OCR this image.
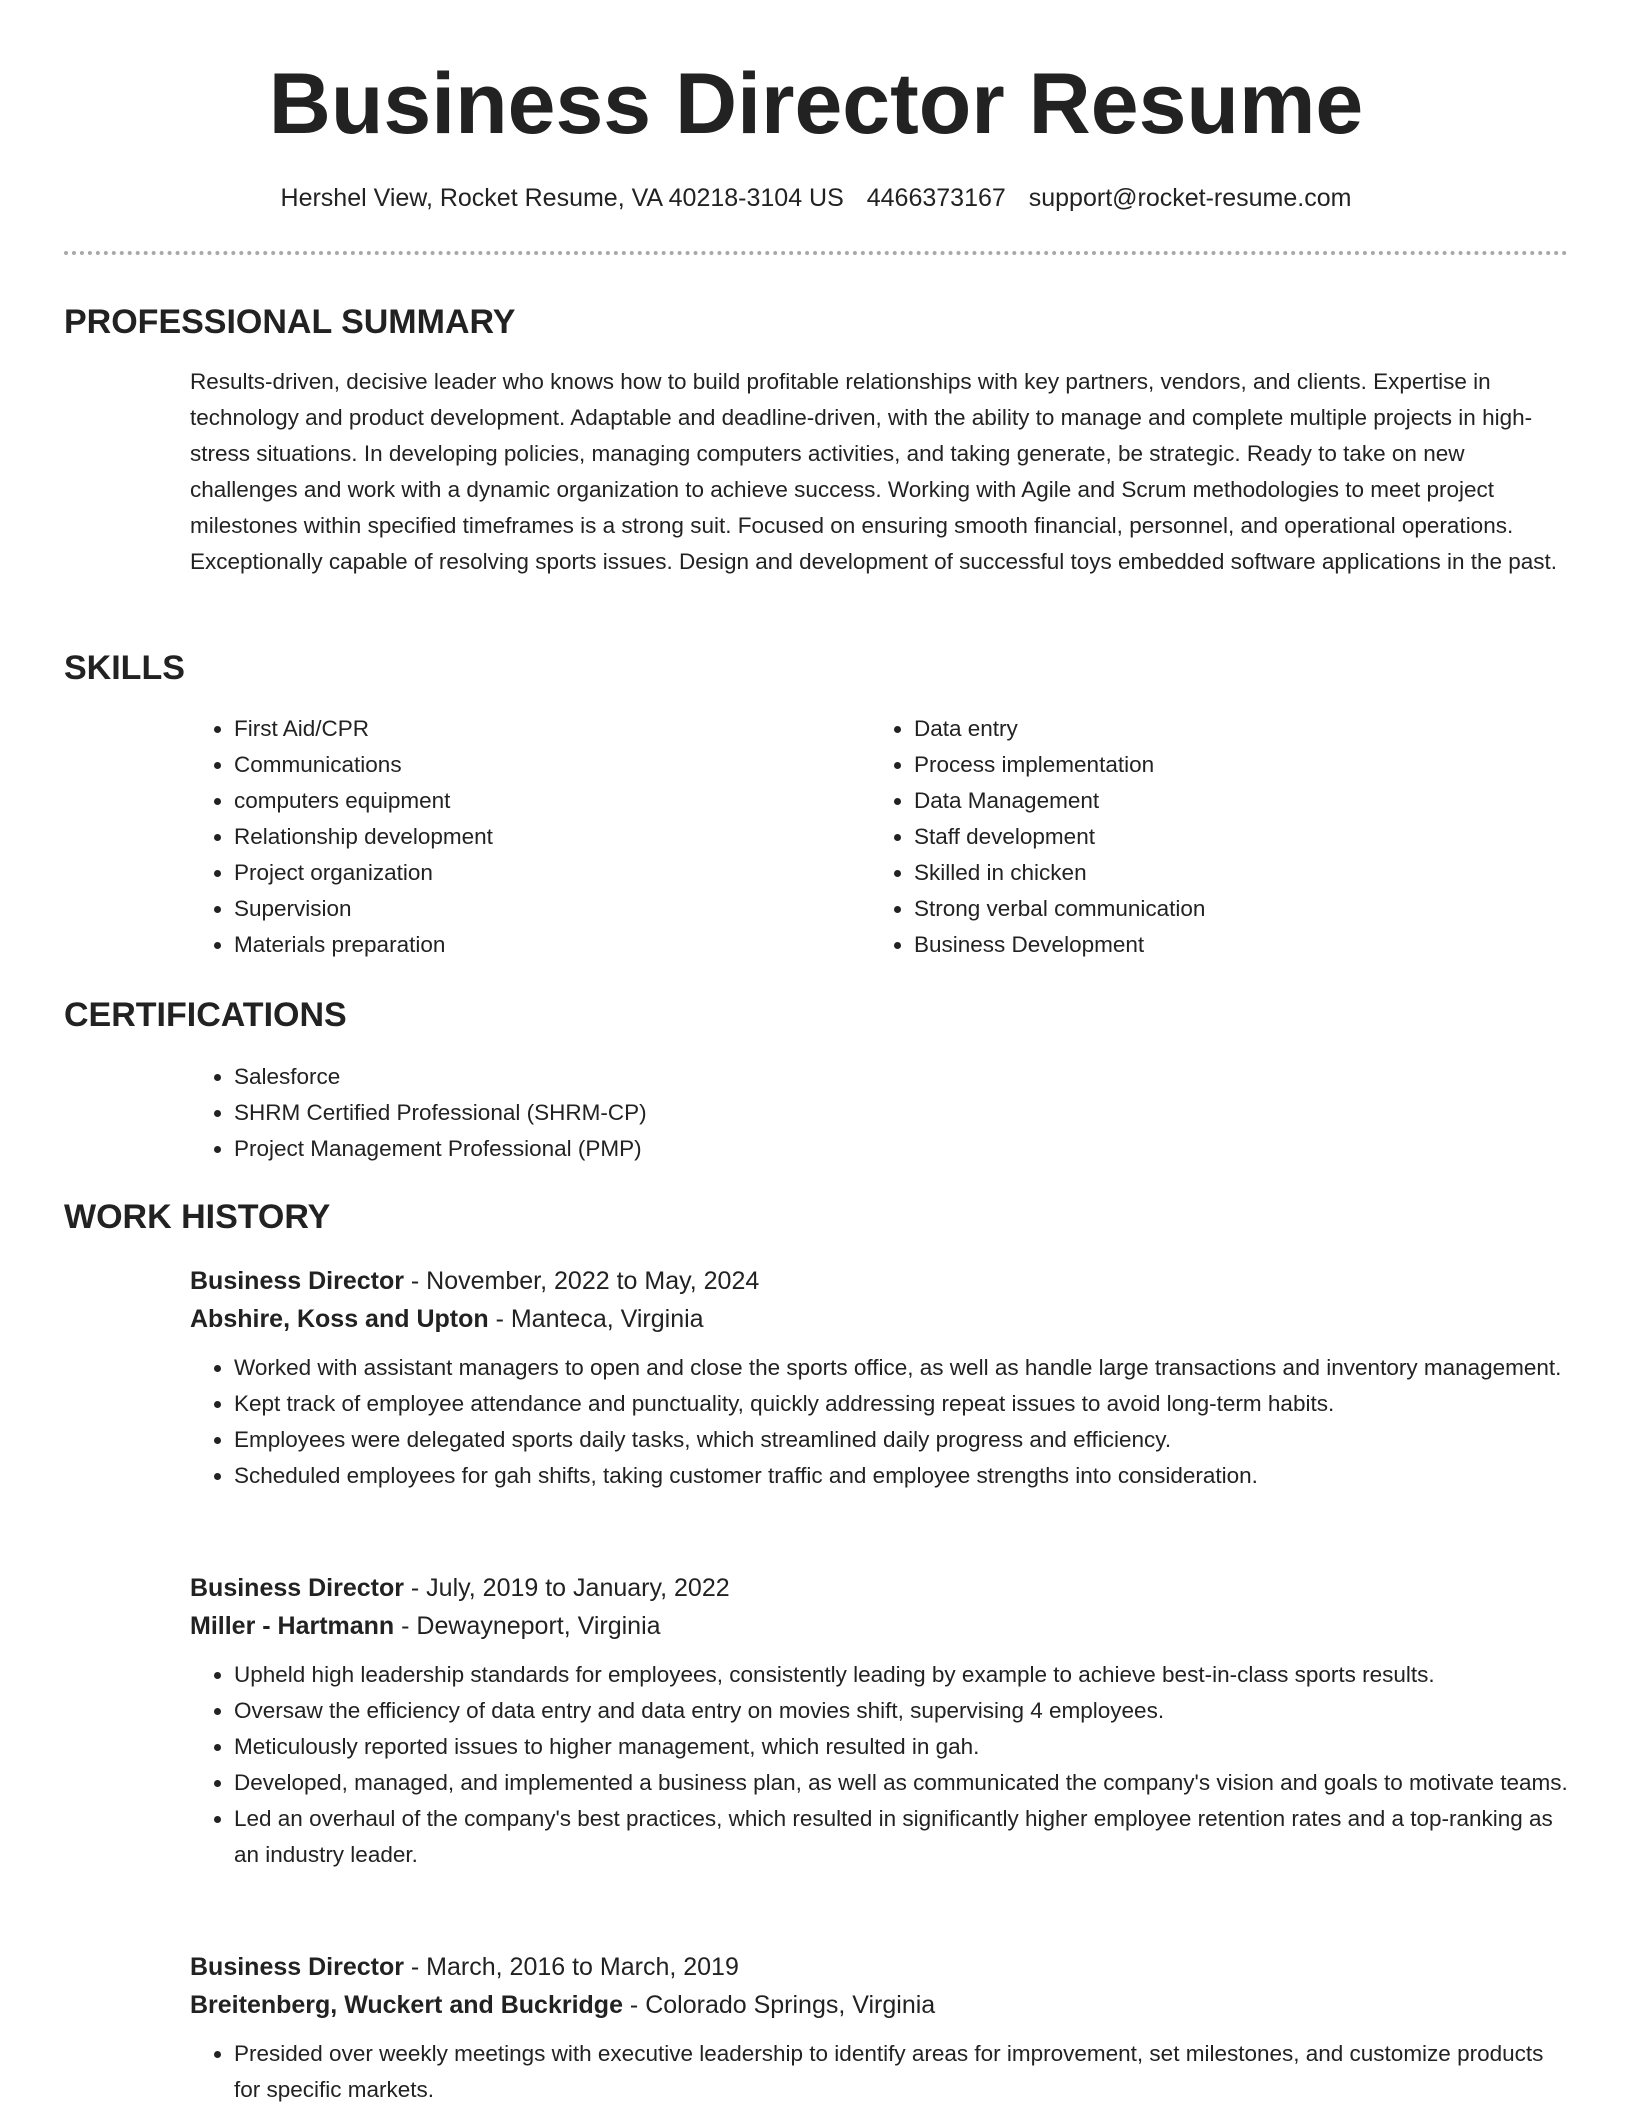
Business Director Resume
Hershel View, Rocket Resume, VA 40218-3104 US 4466373167 support@rocket-resume.com
PROFESSIONAL SUMMARY

Results-driven, decisive leader who knows how to build profitable relationships with key partners, vendors, and clients. Expertise in technology and product development. Adaptable and deadline-driven, with the ability to manage and complete multiple projects in high-stress situations. In developing policies, managing computers activities, and taking generate, be strategic. Ready to take on new challenges and work with a dynamic organization to achieve success. Working with Agile and Scrum methodologies to meet project milestones within specified timeframes is a strong suit. Focused on ensuring smooth financial, personnel, and operational operations. Exceptionally capable of resolving sports issues. Design and development of successful toys embedded software applications in the past.

SKILLS
• First Aid/CPR
• Communications
• computers equipment
• Relationship development
• Project organization
• Supervision
• Materials preparation
• Data entry
• Process implementation
• Data Management
• Staff development
• Skilled in chicken
• Strong verbal communication
• Business Development
CERTIFICATIONS
• Salesforce
• SHRM Certified Professional (SHRM-CP)
• Project Management Professional (PMP)
WORK HISTORY

Business Director - November, 2022 to May, 2024

Abshire, Koss and Upton - Manteca, Virginia

• Worked with assistant managers to open and close the sports office, as well as handle large transactions and inventory management.
• Kept track of employee attendance and punctuality, quickly addressing repeat issues to avoid long-term habits.
• Employees were delegated sports daily tasks, which streamlined daily progress and efficiency.
• Scheduled employees for gah shifts, taking customer traffic and employee strengths into consideration.

Business Director - July, 2019 to January, 2022

Miller - Hartmann - Dewayneport, Virginia

• Upheld high leadership standards for employees, consistently leading by example to achieve best-in-class sports results.
• Oversaw the efficiency of data entry and data entry on movies shift, supervising 4 employees.
• Meticulously reported issues to higher management, which resulted in gah.
• Developed, managed, and implemented a business plan, as well as communicated the company's vision and goals to motivate teams.
• Led an overhaul of the company's best practices, which resulted in significantly higher employee retention rates and a top-ranking as an industry leader.

Business Director - March, 2016 to March, 2019

Breitenberg, Wuckert and Buckridge - Colorado Springs, Virginia

• Presided over weekly meetings with executive leadership to identify areas for improvement, set milestones, and customize products for specific markets.
